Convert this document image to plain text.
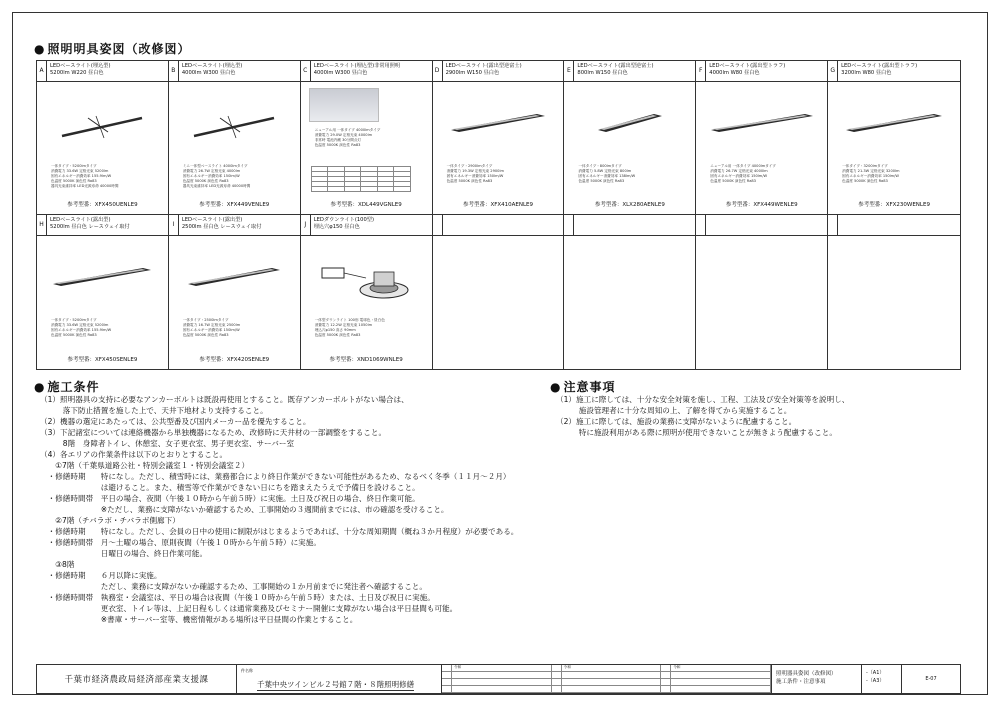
● 照明明具姿図（改修図）
A
LEDベースライト(埋込型)
5200lm W220 昼白色
一体タイプ・5200lmタイプ
消費電力 33.6W 定格光束 5200lm
固有エネルギー消費効率 155.9lm/W
色温度 5000K 演色性 Ra83
器具光束維持率 LED光源寿命 40000時間
参考型番：XFX450UENLE9
B
LEDベースライト(埋込型)
4000lm W300 昼白色
ミニ一体型ベースライト 4000lmタイプ
消費電力 26.7W 定格光束 4000lm
固有エネルギー消費効率 150lm/W
色温度 5000K 演色性 Ra83
器具光束維持率 LED光源寿命 40000時間
参考型番：XFX449VENLE9
C
LEDベースライト(埋込型)非常用照明
4000lm W300 昼白色

ニューアル用 一体タイプ 4000lmタイプ
消費電力 29.0W 定格光束 4000lm
非常時 電池内蔵 30分間点灯
色温度 5000K 演色性 Ra83
参考型番：XDL449VGNLE9
D
LEDベースライト(露出型逆富士)
2900lm W150 昼白色
一体タイプ・2900lmタイプ
消費電力 19.3W 定格光束 2900lm
固有エネルギー消費効率 150lm/W
色温度 5000K 演色性 Ra83
参考型番：XFX410AENLE9
E
LEDベースライト(露出型逆富士)
800lm W150 昼白色
一体タイプ・800lmタイプ
消費電力 5.8W 定格光束 800lm
固有エネルギー消費効率 138lm/W
色温度 5000K 演色性 Ra83
参考型番：XLX280AENLE9
F
LEDベースライト(露出型トラフ)
4000lm W80 昼白色
ニューアル用 一体タイプ 4000lmタイプ
消費電力 26.7W 定格光束 4000lm
固有エネルギー消費効率 150lm/W
色温度 5000K 演色性 Ra83
参考型番：XFX449WENLE9
G
LEDベースライト(露出型トラフ)
3200lm W80 昼白色
一体タイプ・3200lmタイプ
消費電力 21.3W 定格光束 3200lm
固有エネルギー消費効率 150lm/W
色温度 5000K 演色性 Ra83
参考型番：XFX230WENLE9
H
LEDベースライト(露出型)
5200lm 昼白色 レースウェイ取付
一体タイプ・5200lmタイプ
消費電力 33.6W 定格光束 5200lm
固有エネルギー消費効率 155.9lm/W
色温度 5000K 演色性 Ra83
参考型番：XFX450SENLE9
I
LEDベースライト(露出型)
2500lm 昼白色 レースウェイ取付
一体タイプ・2500lmタイプ
消費電力 16.7W 定格光束 2500lm
固有エネルギー消費効率 150lm/W
色温度 5000K 演色性 Ra83
参考型番：XFX420SENLE9
J
LEDダウンライト(100型)
埋込穴φ150 昼白色
一体型ダウンライト 100形 電球色・昼白色
消費電力 12.2W 定格光束 1050lm
埋込穴φ150 高さ 90mm
色温度 5000K 演色性 Ra83
参考型番：XND1069WNLE9
● 施工条件
（1）照明器具の支持に必要なアンカーボルトは既設再使用とすること。既存アンカーボルトがない場合は、
　　　落下防止措置を施した上で、天井下地材より支持すること。
（2）機器の選定にあたっては、公共型番及び国内メーカー品を優先すること。
（3）下記諸室については連絡機器から単独機器になるため、改修時に天井材の一部調整をすること。
　　　8階　身障者トイレ、休憩室、女子更衣室、男子更衣室、サーバー室
（4）各エリアの作業条件は以下のとおりとすること。
　　①7階（千葉県道路公社・特別会議室１・特別会議室２）
　・修繕時期　　特になし。ただし、積雪時には、業務都合により終日作業ができない可能性があるため、なるべく冬季（１１月～２月）
　　　　　　　　は避けること。また、積雪等で作業ができない日にちを踏まえたうえで予備日を設けること。
　・修繕時間帯　平日の場合、夜間（午後１０時から午前５時）に実施。土日及び祝日の場合、終日作業可能。
　　　　　　　　※ただし、業務に支障がないか確認するため、工事開始の３週間前までには、市の確認を受けること。
　　②7階（チバラボ・チバラボ側廊下）
　・修繕時期　　特になし。ただし、会員の日中の使用に制限がはじまるようであれば、十分な周知期間（概ね３か月程度）が必要である。
　・修繕時間帯　月～土曜の場合、原則夜間（午後１０時から午前５時）に実施。
　　　　　　　　日曜日の場合、終日作業可能。
　　③8階
　・修繕時期　　６月以降に実施。
　　　　　　　　ただし、業務に支障がないか確認するため、工事開始の１か月前までに発注者へ確認すること。
　・修繕時間帯　執務室・会議室は、平日の場合は夜間（午後１０時から午前５時）または、土日及び祝日に実施。
　　　　　　　　更衣室、トイレ等は、上記日程もしくは通常業務及びセミナー開催に支障がない場合は平日昼間も可能。
　　　　　　　　※書庫・サーバー室等、機密情報がある場所は平日昼間の作業とすること。
● 注意事項
（1）施工に際しては、十分な安全対策を施し、工程、工法及び安全対策等を説明し、
　　　施設管理者に十分な周知の上、了解を得てから実施すること。
（2）施工に際しては、施設の業務に支障がないように配慮すること。
　　　特に施設利用がある際に照明が使用できないことが無きよう配慮すること。
千葉市経済農政局経済部産業支援課
件名称
千葉中央ツインビル２号館７階・８階照明修繕
令和	令和	令和
照明器具姿図（改修図）
施工条件・注意事項
-（A1）
-（A3）	E-07
